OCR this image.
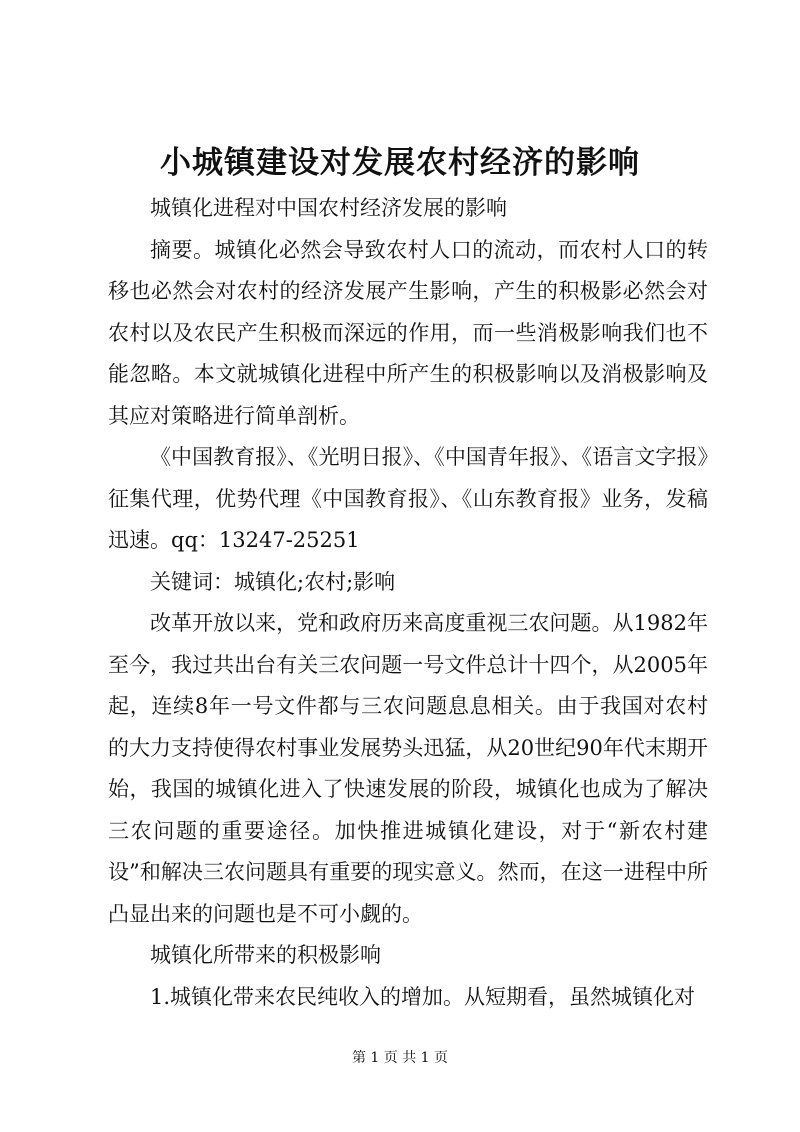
小城镇建设对发展农村经济的影响

城镇化进程对中国农村经济发展的影响

摘要。城镇化必然会导致农村人口的流动，而农村人口的转移也必然会对农村的经济发展产生影响，产生的积极影必然会对农村以及农民产生积极而深远的作用，而一些消极影响我们也不能忽略。本文就城镇化进程中所产生的积极影响以及消极影响及其应对策略进行简单剖析。

《中国教育报》、《光明日报》、《中国青年报》、《语言文字报》征集代理，优势代理《中国教育报》、《山东教育报》业务，发稿迅速。qq：13247-25251

关键词：城镇化;农村;影响

改革开放以来，党和政府历来高度重视三农问题。从1982年至今，我过共出台有关三农问题一号文件总计十四个，从2005年起，连续8年一号文件都与三农问题息息相关。由于我国对农村的大力支持使得农村事业发展势头迅猛，从20世纪90年代末期开始，我国的城镇化进入了快速发展的阶段，城镇化也成为了解决三农问题的重要途径。加快推进城镇化建设，对于“新农村建设”和解决三农问题具有重要的现实意义。然而，在这一进程中所凸显出来的问题也是不可小觑的。

城镇化所带来的积极影响

1.城镇化带来农民纯收入的增加。从短期看，虽然城镇化对

第 1 页 共 1 页
